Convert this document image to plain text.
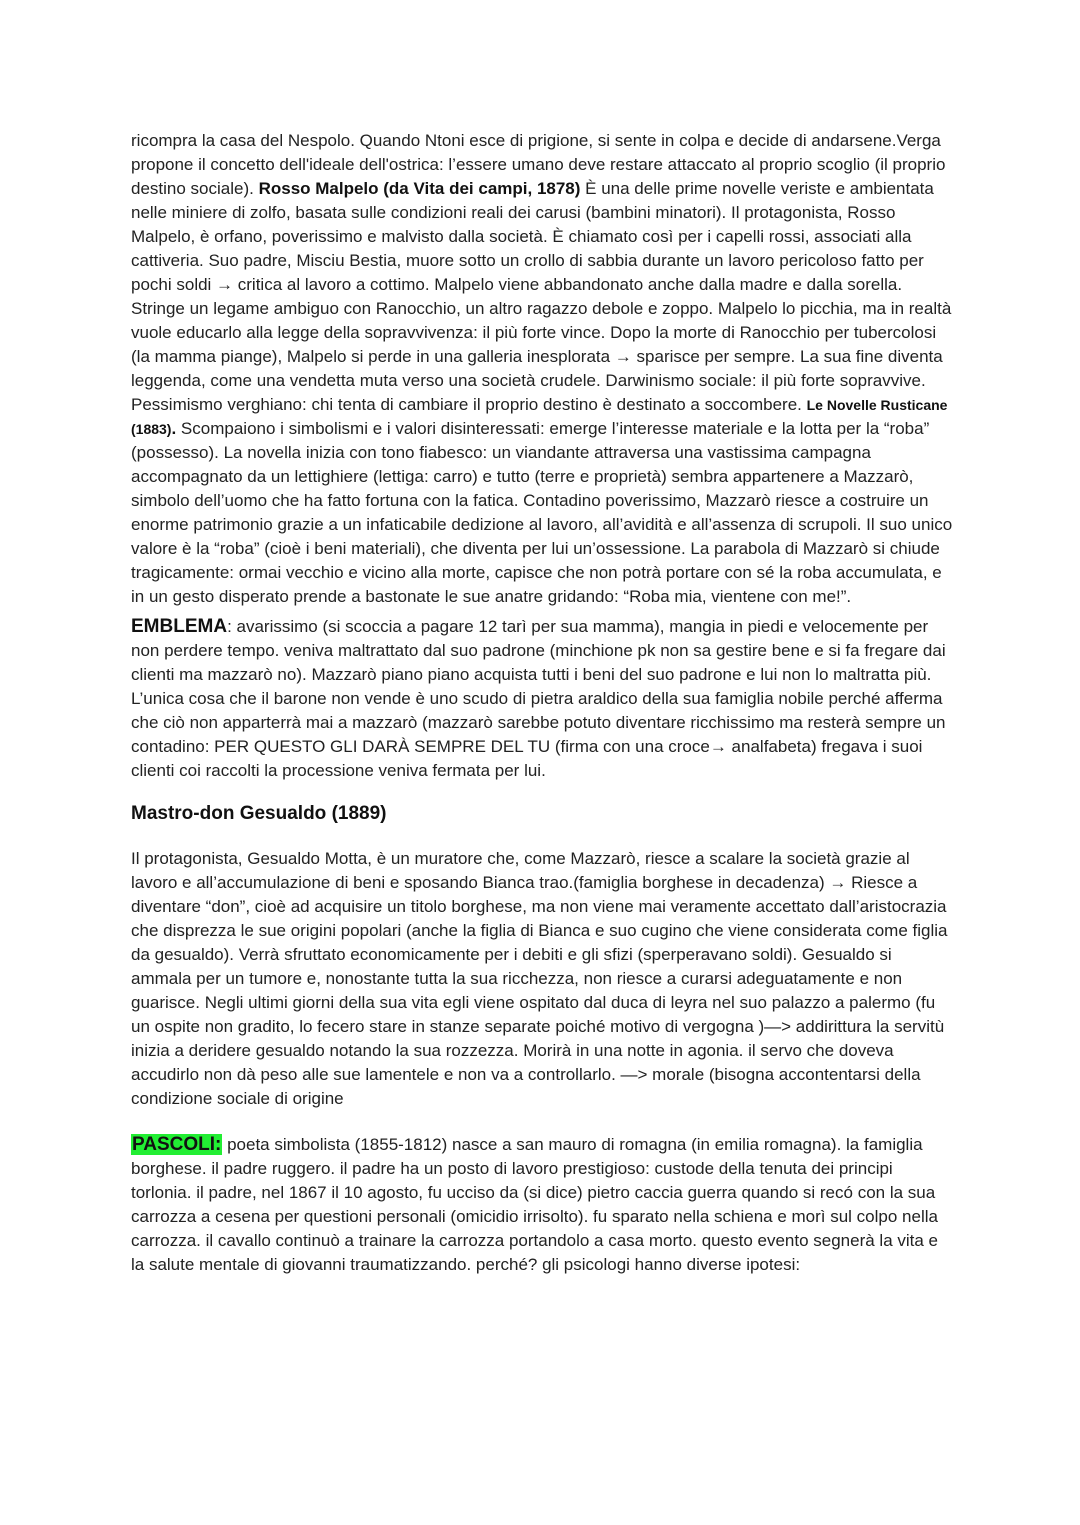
ricompra la casa del Nespolo. Quando Ntoni esce di prigione, si sente in colpa e decide di andarsene.Verga propone il concetto dell'ideale dell'ostrica: l’essere umano deve restare attaccato al proprio scoglio (il proprio destino sociale). Rosso Malpelo (da Vita dei campi, 1878) È una delle prime novelle veriste e ambientata nelle miniere di zolfo, basata sulle condizioni reali dei carusi (bambini minatori). Il protagonista, Rosso Malpelo, è orfano, poverissimo e malvisto dalla società. È chiamato così per i capelli rossi, associati alla cattiveria. Suo padre, Misciu Bestia, muore sotto un crollo di sabbia durante un lavoro pericoloso fatto per pochi soldi → critica al lavoro a cottimo. Malpelo viene abbandonato anche dalla madre e dalla sorella. Stringe un legame ambiguo con Ranocchio, un altro ragazzo debole e zoppo. Malpelo lo picchia, ma in realtà vuole educarlo alla legge della sopravvivenza: il più forte vince. Dopo la morte di Ranocchio per tubercolosi (la mamma piange), Malpelo si perde in una galleria inesplorata → sparisce per sempre. La sua fine diventa leggenda, come una vendetta muta verso una società crudele. Darwinismo sociale: il più forte sopravvive. Pessimismo verghiano: chi tenta di cambiare il proprio destino è destinato a soccombere. Le Novelle Rusticane (1883). Scompaiono i simbolismi e i valori disinteressati: emerge l’interesse materiale e la lotta per la “roba” (possesso). La novella inizia con tono fiabesco: un viandante attraversa una vastissima campagna accompagnato da un lettighiere (lettiga: carro) e tutto (terre e proprietà) sembra appartenere a Mazzarò, simbolo dell’uomo che ha fatto fortuna con la fatica. Contadino poverissimo, Mazzarò riesce a costruire un enorme patrimonio grazie a un infaticabile dedizione al lavoro, all’avidità e all’assenza di scrupoli. Il suo unico valore è la “roba” (cioè i beni materiali), che diventa per lui un’ossessione. La parabola di Mazzarò si chiude tragicamente: ormai vecchio e vicino alla morte, capisce che non potrà portare con sé la roba accumulata, e in un gesto disperato prende a bastonate le sue anatre gridando: “Roba mia, vientene con me!”.

EMBLEMA: avarissimo (si scoccia a pagare 12 tarì per sua mamma), mangia in piedi e velocemente per non perdere tempo. veniva maltrattato dal suo padrone (minchione pk non sa gestire bene e si fa fregare dai clienti ma mazzarò no). Mazzarò piano piano acquista tutti i beni del suo padrone e lui non lo maltratta più. L’unica cosa che il barone non vende è uno scudo di pietra araldico della sua famiglia nobile perché afferma che ciò non apparterrà mai a mazzarò (mazzarò sarebbe potuto diventare ricchissimo ma resterà sempre un contadino: PER QUESTO GLI DARÀ SEMPRE DEL TU (firma con una croce→ analfabeta) fregava i suoi clienti coi raccolti la processione veniva fermata per lui.

Mastro-don Gesualdo (1889)

Il protagonista, Gesualdo Motta, è un muratore che, come Mazzarò, riesce a scalare la società grazie al lavoro e all’accumulazione di beni e sposando Bianca trao.(famiglia borghese in decadenza) → Riesce a diventare “don”, cioè ad acquisire un titolo borghese, ma non viene mai veramente accettato dall’aristocrazia che disprezza le sue origini popolari (anche la figlia di Bianca e suo cugino che viene considerata come figlia da gesualdo). Verrà sfruttato economicamente per i debiti e gli sfizi (sperperavano soldi). Gesualdo si ammala per un tumore e, nonostante tutta la sua ricchezza, non riesce a curarsi adeguatamente e non guarisce. Negli ultimi giorni della sua vita egli viene ospitato dal duca di leyra nel suo palazzo a palermo (fu un ospite non gradito, lo fecero stare in stanze separate poiché motivo di vergogna )—> addirittura la servitù inizia a deridere gesualdo notando la sua rozzezza. Morirà in una notte in agonia. il servo che doveva accudirlo non dà peso alle sue lamentele e non va a controllarlo. —> morale (bisogna accontentarsi della condizione sociale di origine

PASCOLI: poeta simbolista (1855-1812) nasce a san mauro di romagna (in emilia romagna). la famiglia borghese. il padre ruggero. il padre ha un posto di lavoro prestigioso: custode della tenuta dei principi torlonia. il padre, nel 1867 il 10 agosto, fu ucciso da (si dice) pietro caccia guerra quando si recó con la sua carrozza a cesena per questioni personali (omicidio irrisolto). fu sparato nella schiena e morì sul colpo nella carrozza. il cavallo continuò a trainare la carrozza portandolo a casa morto. questo evento segnerà la vita e la salute mentale di giovanni traumatizzando. perché? gli psicologi hanno diverse ipotesi:
